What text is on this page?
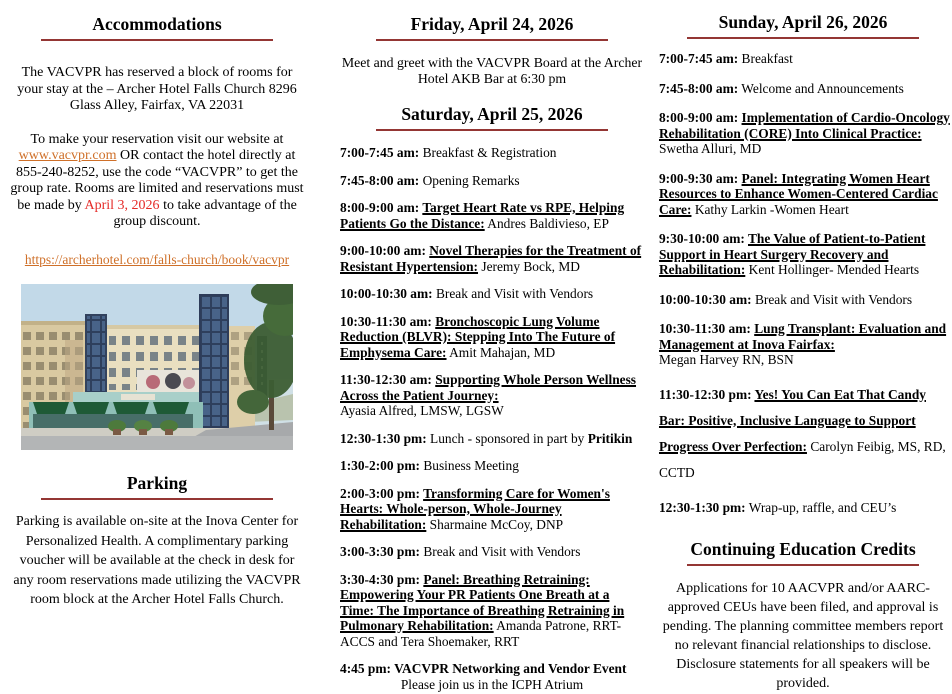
Accommodations

The VACVPR has reserved a block of rooms for your stay at the – Archer Hotel Falls Church 8296 Glass Alley, Fairfax, VA 22031

To make your reservation visit our website at www.vacvpr.com OR contact the hotel directly at 855-240-8252, use the code “VACVPR” to get the group rate. Rooms are limited and reservations must be made by April 3, 2026 to take advantage of the group discount.

https://archerhotel.com/falls-church/book/vacvpr

Parking

Parking is available on-site at the Inova Center for Personalized Health. A complimentary parking voucher will be available at the check in desk for any room reservations made utilizing the VACVPR room block at the Archer Hotel Falls Church.

Friday, April 24, 2026

Meet and greet with the VACVPR Board at the Archer Hotel AKB Bar at 6:30 pm

Saturday, April 25, 2026

7:00-7:45 am: Breakfast & Registration

7:45-8:00 am: Opening Remarks

8:00-9:00 am: Target Heart Rate vs RPE, Helping Patients Go the Distance: Andres Baldivieso, EP

9:00-10:00 am: Novel Therapies for the Treatment of Resistant Hypertension: Jeremy Bock, MD

10:00-10:30 am: Break and Visit with Vendors

10:30-11:30 am: Bronchoscopic Lung Volume Reduction (BLVR): Stepping Into The Future of Emphysema Care: Amit Mahajan, MD

11:30-12:30 am: Supporting Whole Person Wellness Across the Patient Journey:
Ayasia Alfred, LMSW, LGSW

12:30-1:30 pm: Lunch - sponsored in part by Pritikin

1:30-2:00 pm: Business Meeting

2:00-3:00 pm: Transforming Care for Women's Hearts: Whole-person, Whole-Journey Rehabilitation: Sharmaine McCoy, DNP

3:00-3:30 pm: Break and Visit with Vendors

3:30-4:30 pm: Panel: Breathing Retraining: Empowering Your PR Patients One Breath at a Time: The Importance of Breathing Retraining in Pulmonary Rehabilitation: Amanda Patrone, RRT-ACCS and Tera Shoemaker, RRT

4:45 pm: VACVPR Networking and Vendor Event
Please join us in the ICPH Atrium

Sunday, April 26, 2026

7:00-7:45 am: Breakfast

7:45-8:00 am: Welcome and Announcements

8:00-9:00 am: Implementation of Cardio-Oncology Rehabilitation (CORE) Into Clinical Practice: Swetha Alluri, MD

9:00-9:30 am: Panel: Integrating Women Heart Resources to Enhance Women-Centered Cardiac Care: Kathy Larkin -Women Heart

9:30-10:00 am: The Value of Patient-to-Patient Support in Heart Surgery Recovery and Rehabilitation: Kent Hollinger- Mended Hearts

10:00-10:30 am: Break and Visit with Vendors

10:30-11:30 am: Lung Transplant: Evaluation and Management at Inova Fairfax:
Megan Harvey RN, BSN

11:30-12:30 pm: Yes! You Can Eat That Candy Bar: Positive, Inclusive Language to Support Progress Over Perfection: Carolyn Feibig, MS, RD, CCTD

12:30-1:30 pm: Wrap-up, raffle, and CEU’s

Continuing Education Credits

Applications for 10 AACVPR and/or AARC-approved CEUs have been filed, and approval is pending. The planning committee members report no relevant financial relationships to disclose. Disclosure statements for all speakers will be provided.
